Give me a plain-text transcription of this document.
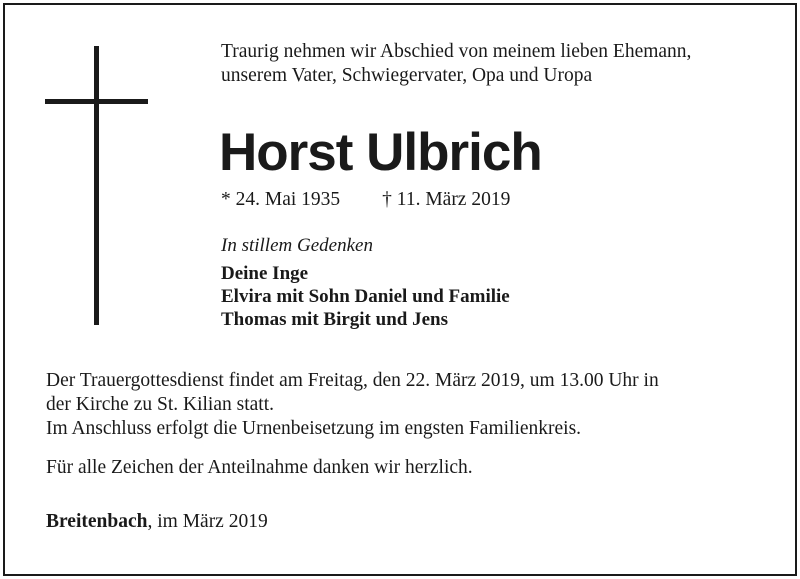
Traurig nehmen wir Abschied von meinem lieben Ehemann,
unserem Vater, Schwiegervater, Opa und Uropa
Horst Ulbrich
* 24. Mai 1935 † 11. März 2019
In stillem Gedenken
Deine Inge
Elvira mit Sohn Daniel und Familie
Thomas mit Birgit und Jens
Der Trauergottesdienst findet am Freitag, den 22. März 2019, um 13.00 Uhr in
der Kirche zu St. Kilian statt.
Im Anschluss erfolgt die Urnenbeisetzung im engsten Familienkreis.
Für alle Zeichen der Anteilnahme danken wir herzlich.
Breitenbach, im März 2019
